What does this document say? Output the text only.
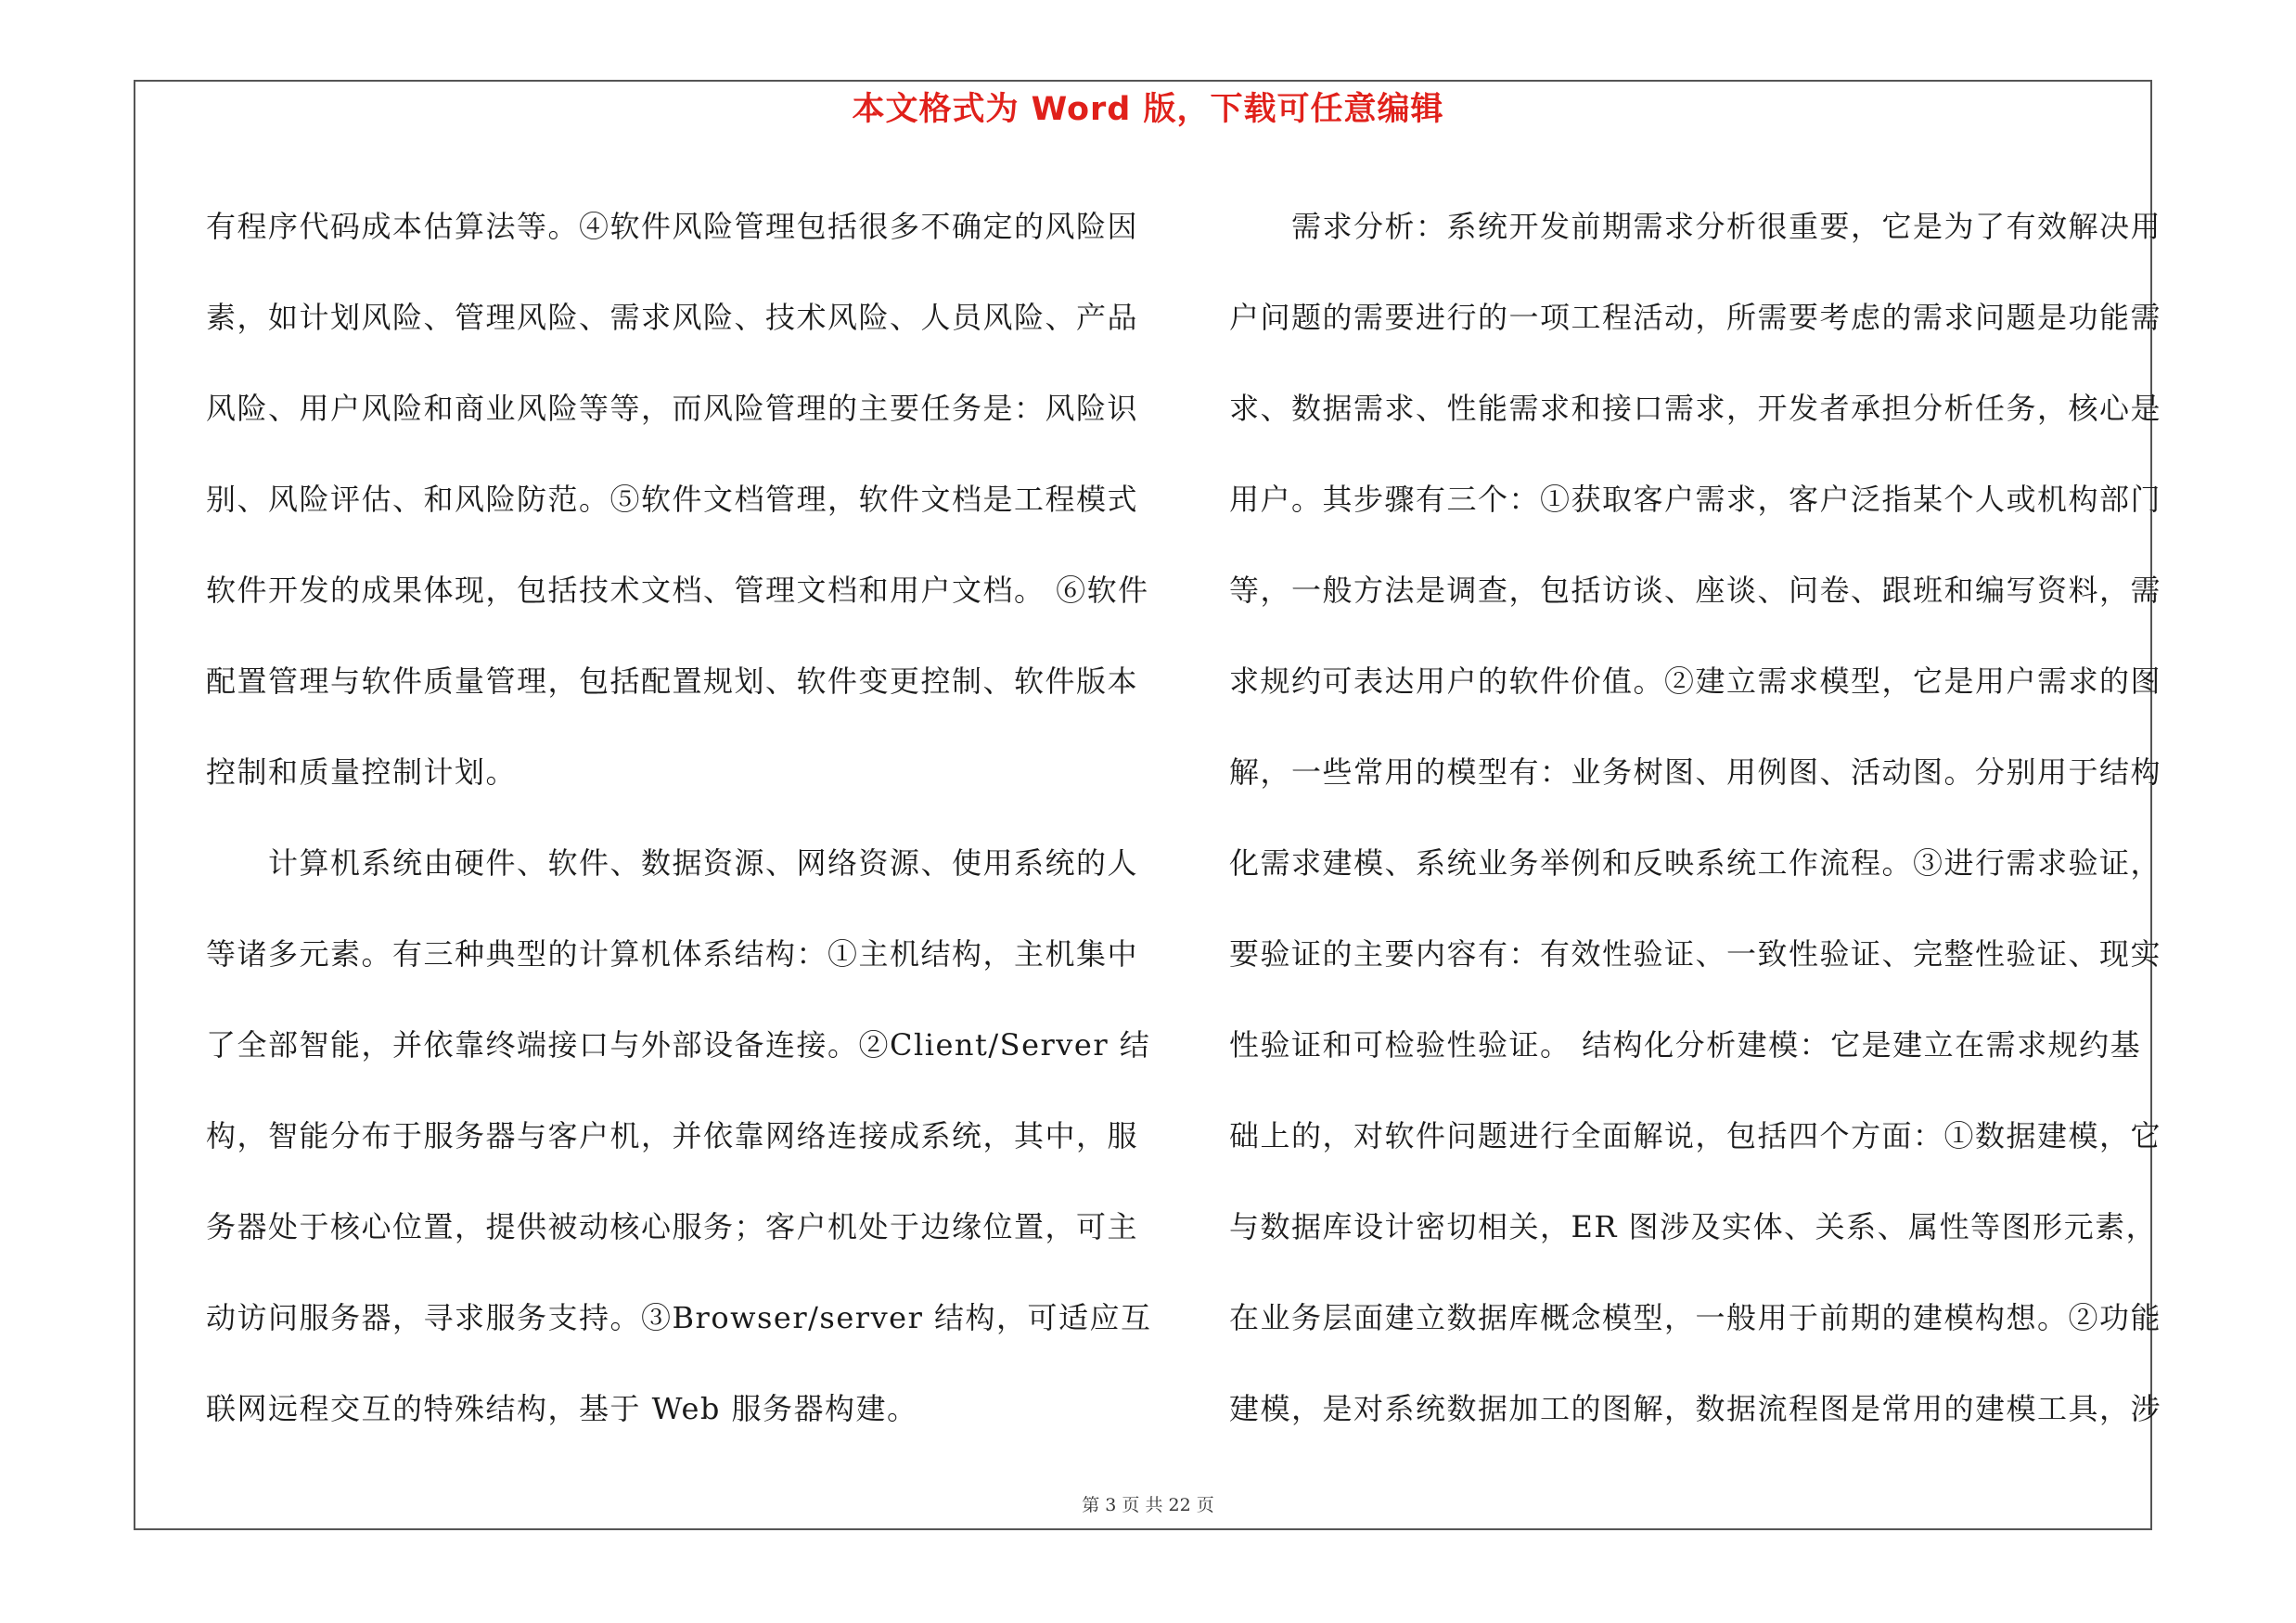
本文格式为 Word 版，下载可任意编辑
有程序代码成本估算法等。④软件风险管理包括很多不确定的风险因
素，如计划风险、管理风险、需求风险、技术风险、人员风险、产品
风险、用户风险和商业风险等等，而风险管理的主要任务是：风险识
别、风险评估、和风险防范。⑤软件文档管理，软件文档是工程模式
软件开发的成果体现，包括技术文档、管理文档和用户文档。 ⑥软件
配置管理与软件质量管理，包括配置规划、软件变更控制、软件版本
控制和质量控制计划。
　　计算机系统由硬件、软件、数据资源、网络资源、使用系统的人
等诸多元素。有三种典型的计算机体系结构：①主机结构，主机集中
了全部智能，并依靠终端接口与外部设备连接。②Client/Server 结
构，智能分布于服务器与客户机，并依靠网络连接成系统，其中，服
务器处于核心位置，提供被动核心服务；客户机处于边缘位置，可主
动访问服务器，寻求服务支持。③Browser/server 结构，可适应互
联网远程交互的特殊结构，基于 Web 服务器构建。
　　需求分析：系统开发前期需求分析很重要，它是为了有效解决用
户问题的需要进行的一项工程活动，所需要考虑的需求问题是功能需
求、数据需求、性能需求和接口需求，开发者承担分析任务，核心是
用户。其步骤有三个：①获取客户需求，客户泛指某个人或机构部门
等，一般方法是调查，包括访谈、座谈、问卷、跟班和编写资料，需
求规约可表达用户的软件价值。②建立需求模型，它是用户需求的图
解，一些常用的模型有：业务树图、用例图、活动图。分别用于结构
化需求建模、系统业务举例和反映系统工作流程。③进行需求验证，
要验证的主要内容有：有效性验证、一致性验证、完整性验证、现实
性验证和可检验性验证。 结构化分析建模：它是建立在需求规约基
础上的，对软件问题进行全面解说，包括四个方面：①数据建模，它
与数据库设计密切相关，ER 图涉及实体、关系、属性等图形元素，
在业务层面建立数据库概念模型，一般用于前期的建模构想。②功能
建模，是对系统数据加工的图解，数据流程图是常用的建模工具，涉
第 3 页 共 22 页
